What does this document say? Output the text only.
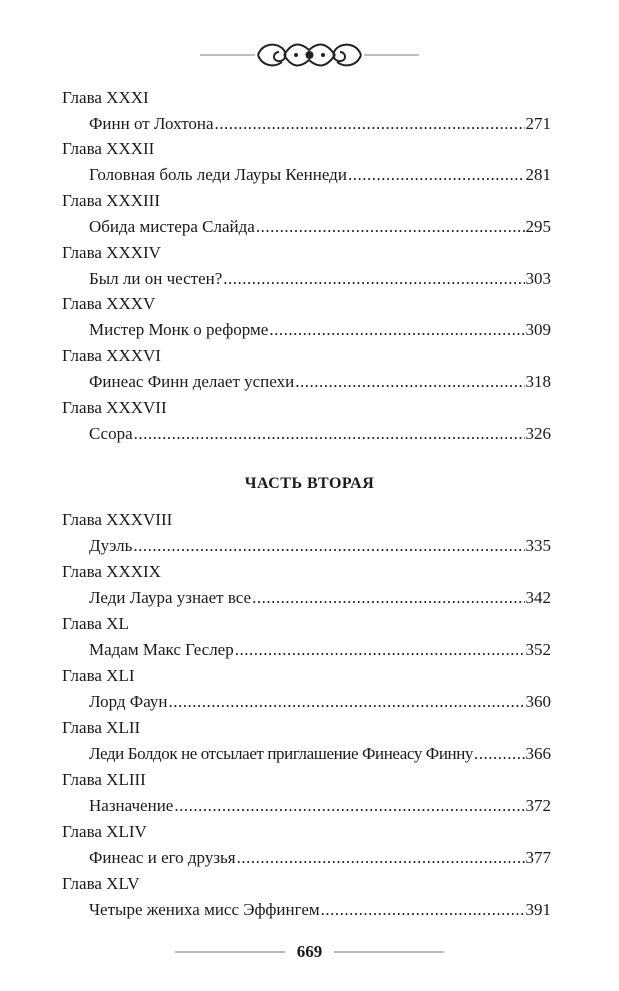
Глава XXXI
Финн от Лохтона .....	271
Глава XXXII
Головная боль леди Лауры Кеннеди .....	281
Глава XXXIII
Обида мистера Слайда .....	295
Глава XXXIV
Был ли он честен? .....	303
Глава XXXV
Мистер Монк о реформе .....	309
Глава XXXVI
Финеас Финн делает успехи .....	318
Глава XXXVII
Ссора .....	326
ЧАСТЬ ВТОРАЯ
Глава XXXVIII
Дуэль .....	335
Глава XXXIX
Леди Лаура узнает все .....	342
Глава XL
Мадам Макс Геслер .....	352
Глава XLI
Лорд Фаун .....	360
Глава XLII
Леди Болдок не отсылает приглашение Финеасу Финну .....	366
Глава XLIII
Назначение .....	372
Глава XLIV
Финеас и его друзья .....	377
Глава XLV
Четыре жениха мисс Эффингем .....	391
669
